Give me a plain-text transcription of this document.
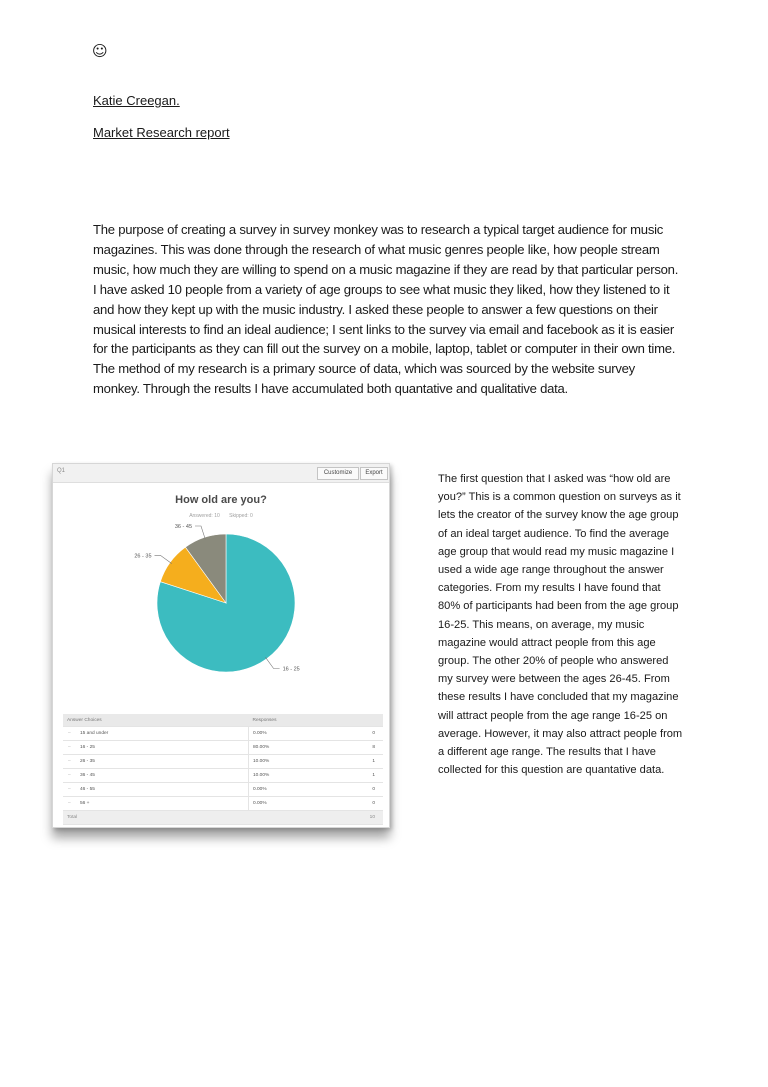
☺
Katie Creegan.
Market Research report

The purpose of creating a survey in survey monkey was to research a typical target audience for music magazines. This was done through the research of what music genres people like, how people stream music, how much they are willing to spend on a music magazine if they are read by that particular person. I have asked 10 people from a variety of age groups to see what music they liked, how they listened to it and how they kept up with the music industry. I asked these people to answer a few questions on their musical interests to find an ideal audience; I sent links to the survey via email and facebook as it is easier for the participants as they can fill out the survey on a mobile, laptop, tablet or computer in their own time. The method of my research is a primary source of data, which was sourced by the website survey monkey. Through the results I have accumulated both quantative and qualitative data.

Q1	Customize	Export
How old are you?
Answered: 10 Skipped: 0
16 - 25
26 - 35
36 - 45
Answer Choices		Responses	
–	15 and under	0.00%	0
–	16 - 25	80.00%	8
–	26 - 35	10.00%	1
–	36 - 45	10.00%	1
–	46 - 55	0.00%	0
–	56 +	0.00%	0
Total			10

The first question that I asked was “how old are you?” This is a common question on surveys as it lets the creator of the survey know the age group of an ideal target audience. To find the average age group that would read my music magazine I used a wide age range throughout the answer categories. From my results I have found that 80% of participants had been from the age group 16-25. This means, on average, my music magazine would attract people from this age group. The other 20% of people who answered my survey were between the ages 26-45. From these results I have concluded that my magazine will attract people from the age range 16-25 on average. However, it may also attract people from a different age range. The results that I have collected for this question are quantative data.
